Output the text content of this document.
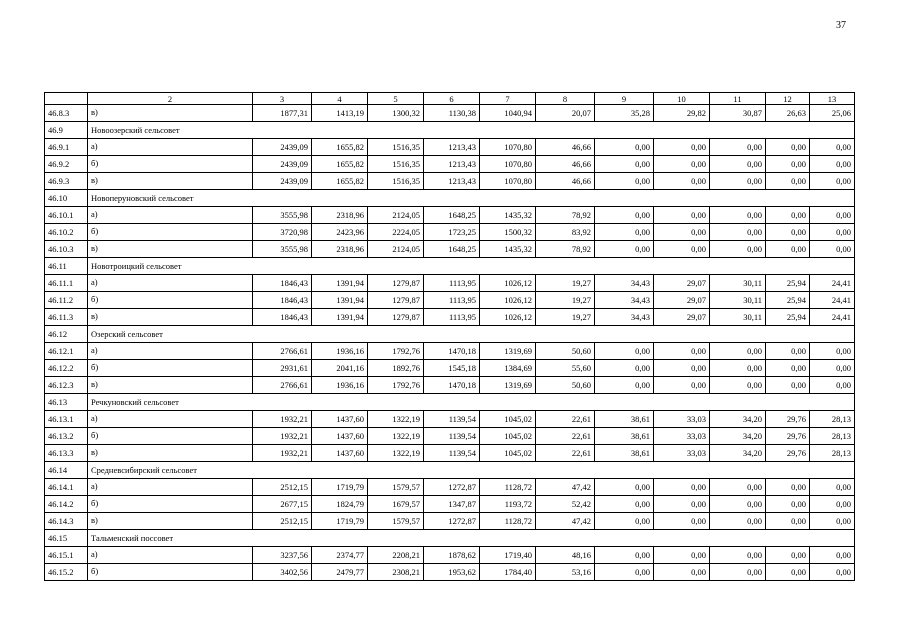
37
	2	3	4	5	6	7	8	9	10	11	12	13
46.8.3	в)	1877,31	1413,19	1300,32	1130,38	1040,94	20,07	35,28	29,82	30,87	26,63	25,06
46.9	Новоозерский сельсовет											
46.9.1	а)	2439,09	1655,82	1516,35	1213,43	1070,80	46,66	0,00	0,00	0,00	0,00	0,00
46.9.2	б)	2439,09	1655,82	1516,35	1213,43	1070,80	46,66	0,00	0,00	0,00	0,00	0,00
46.9.3	в)	2439,09	1655,82	1516,35	1213,43	1070,80	46,66	0,00	0,00	0,00	0,00	0,00
46.10	Новоперуновский сельсовет											
46.10.1	а)	3555,98	2318,96	2124,05	1648,25	1435,32	78,92	0,00	0,00	0,00	0,00	0,00
46.10.2	б)	3720,98	2423,96	2224,05	1723,25	1500,32	83,92	0,00	0,00	0,00	0,00	0,00
46.10.3	в)	3555,98	2318,96	2124,05	1648,25	1435,32	78,92	0,00	0,00	0,00	0,00	0,00
46.11	Новотроицкий сельсовет											
46.11.1	а)	1846,43	1391,94	1279,87	1113,95	1026,12	19,27	34,43	29,07	30,11	25,94	24,41
46.11.2	б)	1846,43	1391,94	1279,87	1113,95	1026,12	19,27	34,43	29,07	30,11	25,94	24,41
46.11.3	в)	1846,43	1391,94	1279,87	1113,95	1026,12	19,27	34,43	29,07	30,11	25,94	24,41
46.12	Озерский сельсовет											
46.12.1	а)	2766,61	1936,16	1792,76	1470,18	1319,69	50,60	0,00	0,00	0,00	0,00	0,00
46.12.2	б)	2931,61	2041,16	1892,76	1545,18	1384,69	55,60	0,00	0,00	0,00	0,00	0,00
46.12.3	в)	2766,61	1936,16	1792,76	1470,18	1319,69	50,60	0,00	0,00	0,00	0,00	0,00
46.13	Речкуновский сельсовет											
46.13.1	а)	1932,21	1437,60	1322,19	1139,54	1045,02	22,61	38,61	33,03	34,20	29,76	28,13
46.13.2	б)	1932,21	1437,60	1322,19	1139,54	1045,02	22,61	38,61	33,03	34,20	29,76	28,13
46.13.3	в)	1932,21	1437,60	1322,19	1139,54	1045,02	22,61	38,61	33,03	34,20	29,76	28,13
46.14	Средневсибирский сельсовет											
46.14.1	а)	2512,15	1719,79	1579,57	1272,87	1128,72	47,42	0,00	0,00	0,00	0,00	0,00
46.14.2	б)	2677,15	1824,79	1679,57	1347,87	1193,72	52,42	0,00	0,00	0,00	0,00	0,00
46.14.3	в)	2512,15	1719,79	1579,57	1272,87	1128,72	47,42	0,00	0,00	0,00	0,00	0,00
46.15	Тальменский поссовет											
46.15.1	а)	3237,56	2374,77	2208,21	1878,62	1719,40	48,16	0,00	0,00	0,00	0,00	0,00
46.15.2	б)	3402,56	2479,77	2308,21	1953,62	1784,40	53,16	0,00	0,00	0,00	0,00	0,00
